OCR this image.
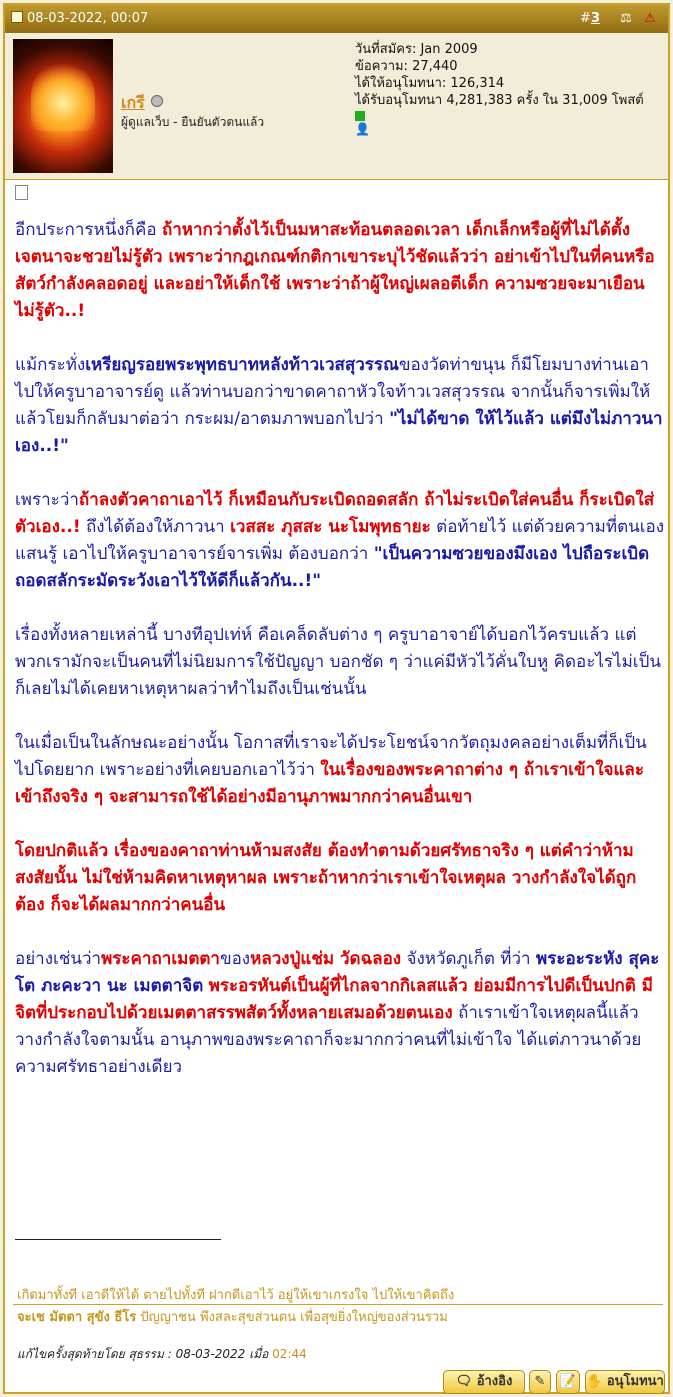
08-03-2022, 00:07	#3 ⚖ ⚠
เกรี
ผู้ดูแลเว็บ - ยืนยันตัวตนแล้ว
วันที่สมัคร: Jan 2009
ข้อความ: 27,440
ได้ให้อนุโมทนา: 126,314
ได้รับอนุโมทนา 4,281,383 ครั้ง ใน 31,009 โพสต์
👤

อีกประการหนึ่งก็คือ ถ้าหากว่าตั้งไว้เป็นมหาสะท้อนตลอดเวลา เด็กเล็กหรือผู้ที่ไม่ได้ตั้งเจตนาจะชวยไม่รู้ตัว เพราะว่ากฎเกณฑ์กติกาเขาระบุไว้ชัดแล้วว่า อย่าเข้าไปในที่คนหรือสัตว์กำลังคลอดอยู่ และอย่าให้เด็กใช้ เพราะว่าถ้าผู้ใหญ่เผลอตีเด็ก ความซวยจะมาเยือนไม่รู้ตัว..!

แม้กระทั่งเหรียญรอยพระพุทธบาทหลังท้าวเวสสุวรรณของวัดท่าขนุน ก็มีโยมบางท่านเอาไปให้ครูบาอาจารย์ดู แล้วท่านบอกว่าขาดคาถาหัวใจท้าวเวสสุวรรณ จากนั้นก็จารเพิ่มให้ แล้วโยมก็กลับมาต่อว่า กระผม/อาตมภาพบอกไปว่า "ไม่ได้ขาด ให้ไว้แล้ว แต่มึงไม่ภาวนาเอง..!"

เพราะว่าถ้าลงตัวคาถาเอาไว้ ก็เหมือนกับระเบิดถอดสลัก ถ้าไม่ระเบิดใส่คนอื่น ก็ระเบิดใส่ตัวเอง..! ถึงได้ต้องให้ภาวนา เวสสะ ภุสสะ นะโมพุทธายะ ต่อท้ายไว้ แต่ด้วยความที่ตนเองแสนรู้ เอาไปให้ครูบาอาจารย์จารเพิ่ม ต้องบอกว่า "เป็นความซวยของมึงเอง ไปถือระเบิดถอดสลักระมัดระวังเอาไว้ให้ดีก็แล้วกัน..!"

เรื่องทั้งหลายเหล่านี้ บางทีอุปเท่ห์ คือเคล็ดลับต่าง ๆ ครูบาอาจาย์ได้บอกไว้ครบแล้ว แต่พวกเรามักจะเป็นคนที่ไม่นิยมการใช้ปัญญา บอกชัด ๆ ว่าแค่มีหัวไว้คั่นใบหู คิดอะไรไม่เป็น ก็เลยไม่ได้เคยหาเหตุหาผลว่าทำไมถึงเป็นเช่นนั้น

ในเมื่อเป็นในลักษณะอย่างนั้น โอกาสที่เราจะได้ประโยชน์จากวัตถุมงคลอย่างเต็มที่ก็เป็นไปโดยยาก เพราะอย่างที่เคยบอกเอาไว้ว่า ในเรื่องของพระคาถาต่าง ๆ ถ้าเราเข้าใจและเข้าถึงจริง ๆ จะสามารถใช้ได้อย่างมีอานุภาพมากกว่าคนอื่นเขา

โดยปกติแล้ว เรื่องของคาถาท่านห้ามสงสัย ต้องทำตามด้วยศรัทธาจริง ๆ แต่คำว่าห้ามสงสัยนั้น ไม่ใช่ห้ามคิดหาเหตุหาผล เพราะถ้าหากว่าเราเข้าใจเหตุผล วางกำลังใจได้ถูกต้อง ก็จะได้ผลมากกว่าคนอื่น

อย่างเช่นว่าพระคาถาเมตตาของหลวงปู่แช่ม วัดฉลอง จังหวัดภูเก็ต ที่ว่า พระอะระหัง สุคะโต ภะคะวา นะ เมตตาจิต พระอรหันต์เป็นผู้ที่ไกลจากกิเลสแล้ว ย่อมมีการไปดีเป็นปกติ มีจิตที่ประกอบไปด้วยเมตตาสรรพสัตว์ทั้งหลายเสมอด้วยตนเอง ถ้าเราเข้าใจเหตุผลนี้แล้ววางกำลังใจตามนั้น อานุภาพของพระคาถาก็จะมากกว่าคนที่ไม่เข้าใจ ได้แต่ภาวนาด้วยความศรัทธาอย่างเดียว

เกิดมาทั้งที เอาดีให้ได้ ตายไปทั้งที ฝากดีเอาไว้ อยู่ให้เขาเกรงใจ ไปให้เขาคิดถึง
จะเช มัตตา สุขัง ธีโร ปัญญาชน พึงสละสุขส่วนตน เพื่อสุขยิ่งใหญ่ของส่วนรวม
แก้ไขครั้งสุดท้ายโดย สุธรรม : 08-03-2022 เมื่อ 02:44
🗨 อ้างอิง	✎	📝 ✋ อนุโมทนา
